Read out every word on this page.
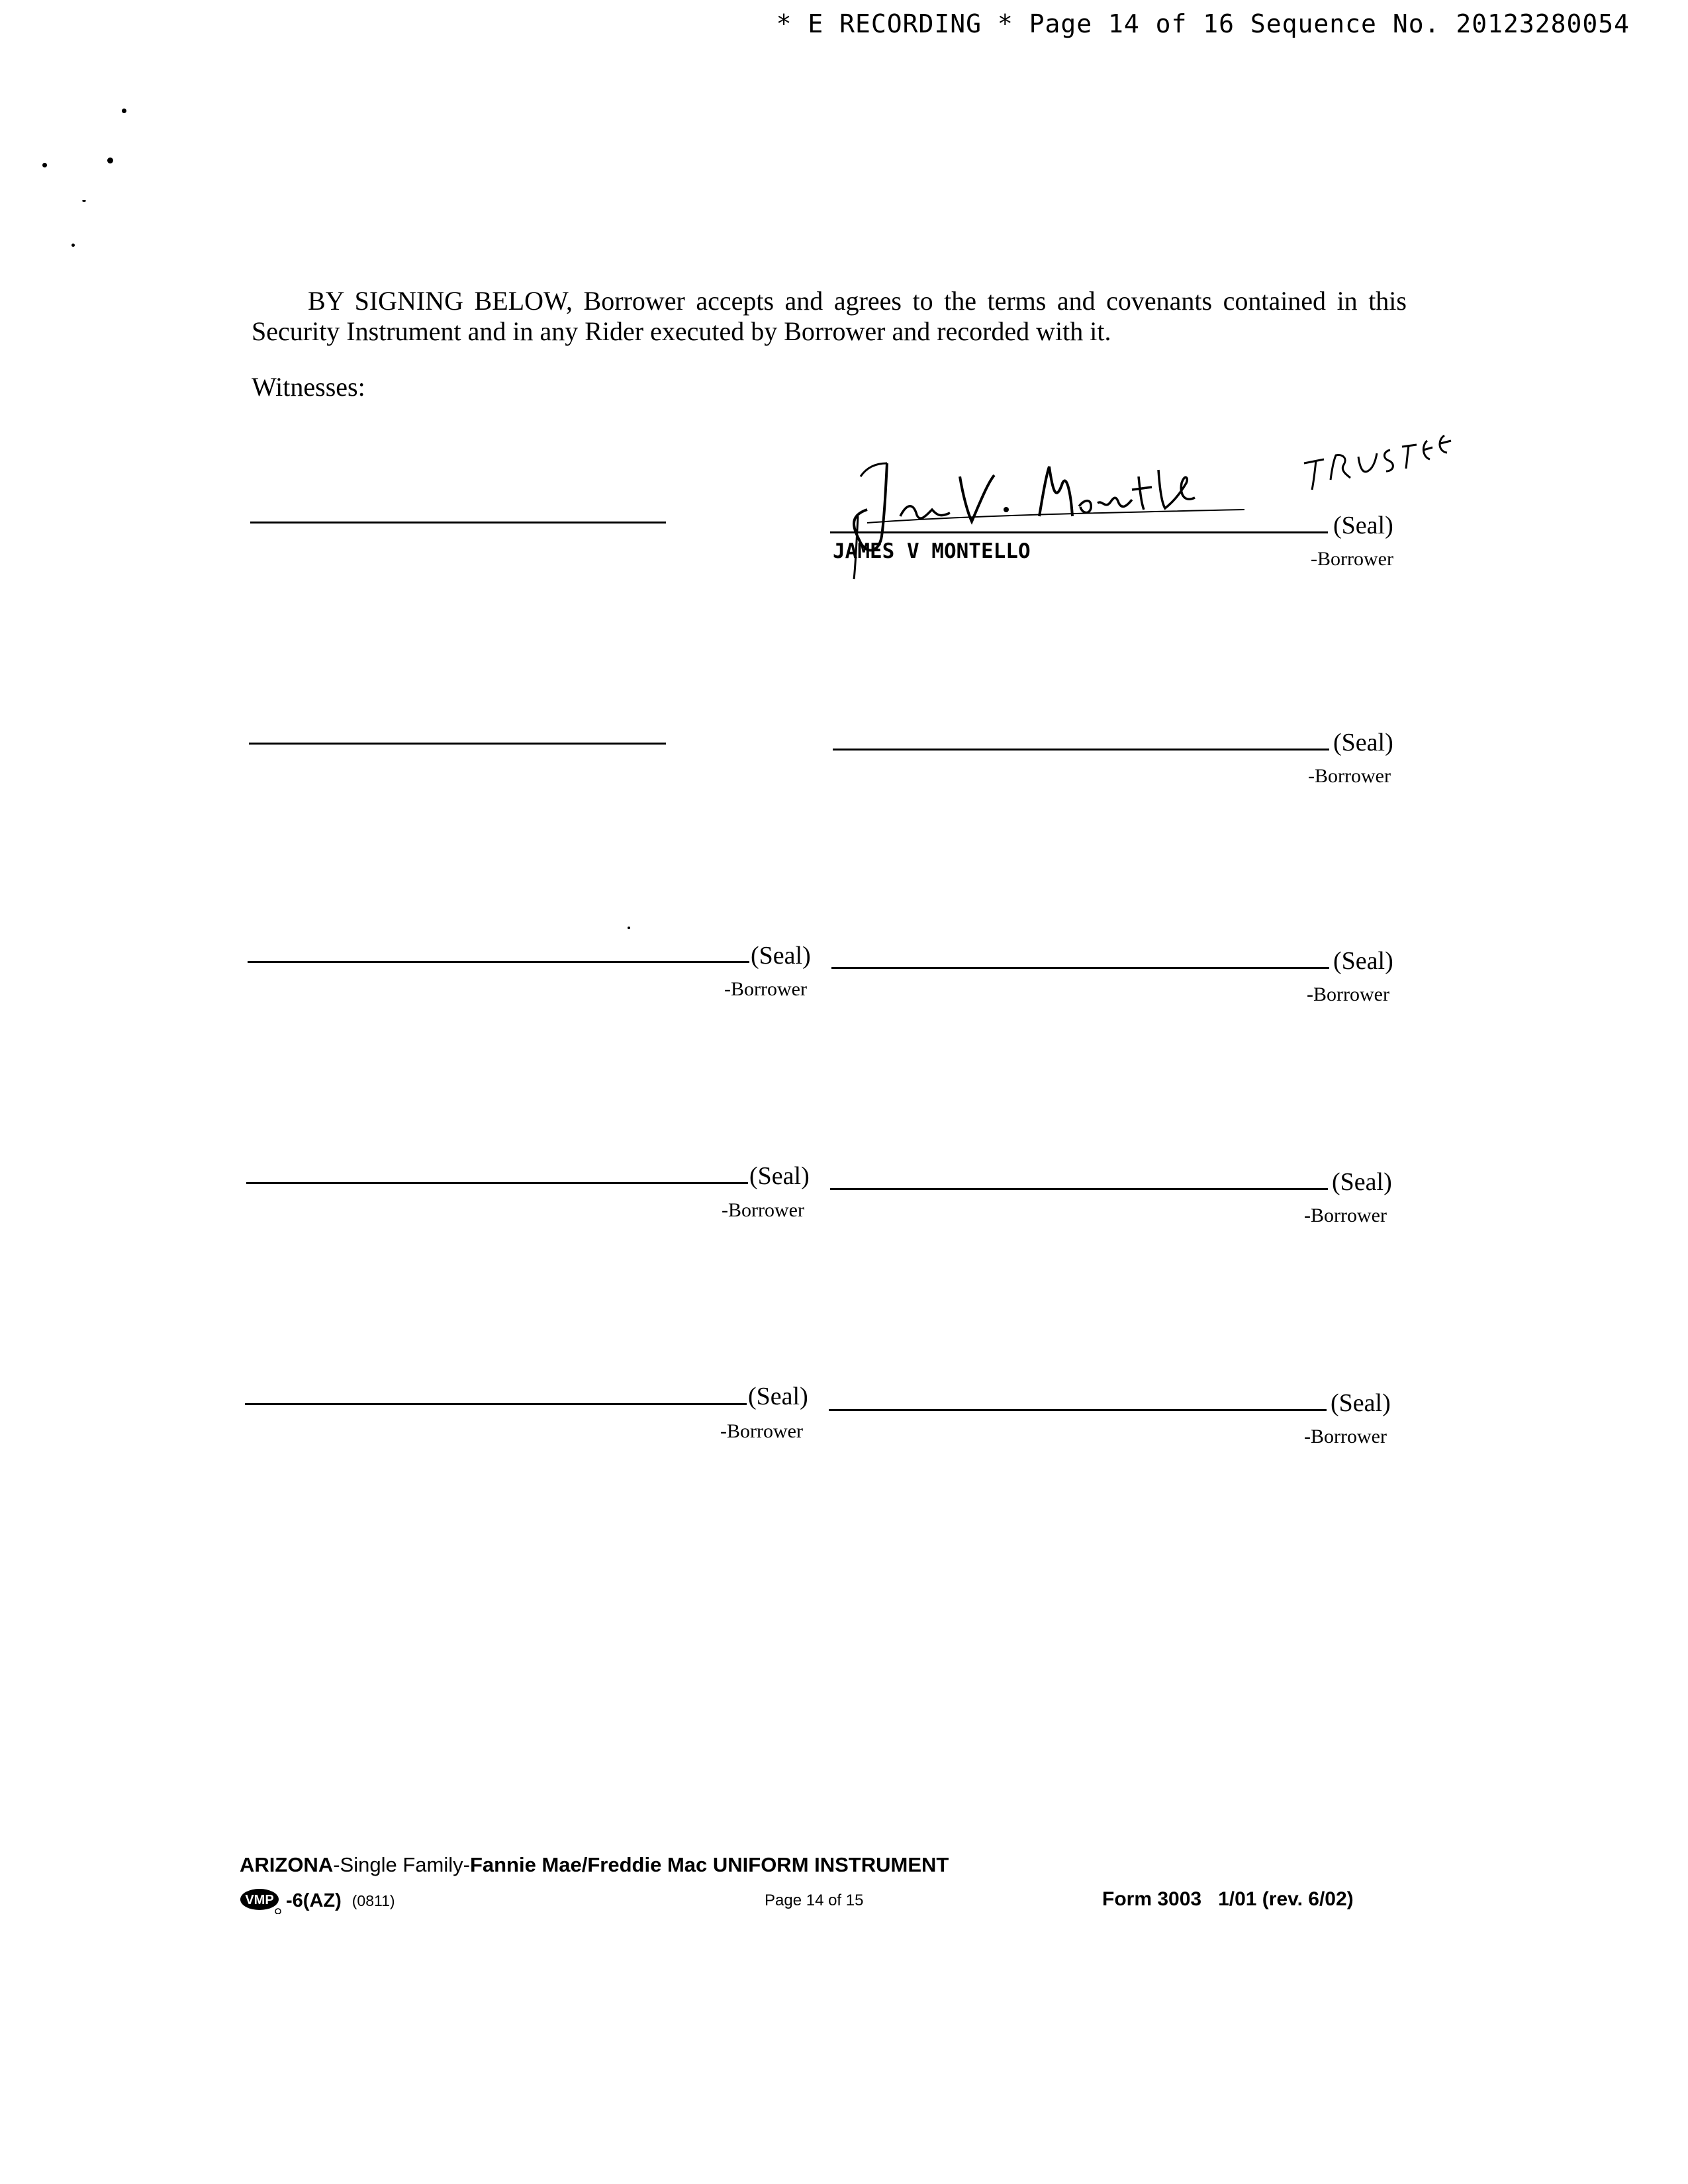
* E RECORDING * Page 14 of 16 Sequence No. 20123280054
BY SIGNING BELOW, Borrower accepts and agrees to the terms and covenants contained in this
Security Instrument and in any Rider executed by Borrower and recorded with it.
Witnesses:
(Seal)
JAMES V MONTELLO	-Borrower
(Seal)
-Borrower
(Seal)
-Borrower
(Seal)
-Borrower
(Seal)
-Borrower
(Seal)
-Borrower
(Seal)
-Borrower
(Seal)
-Borrower
ARIZONA-Single Family-Fannie Mae/Freddie Mac UNIFORM INSTRUMENT
VMP -6(AZ) (0811)	Page 14 of 15	Form 3003   1/01 (rev. 6/02)
